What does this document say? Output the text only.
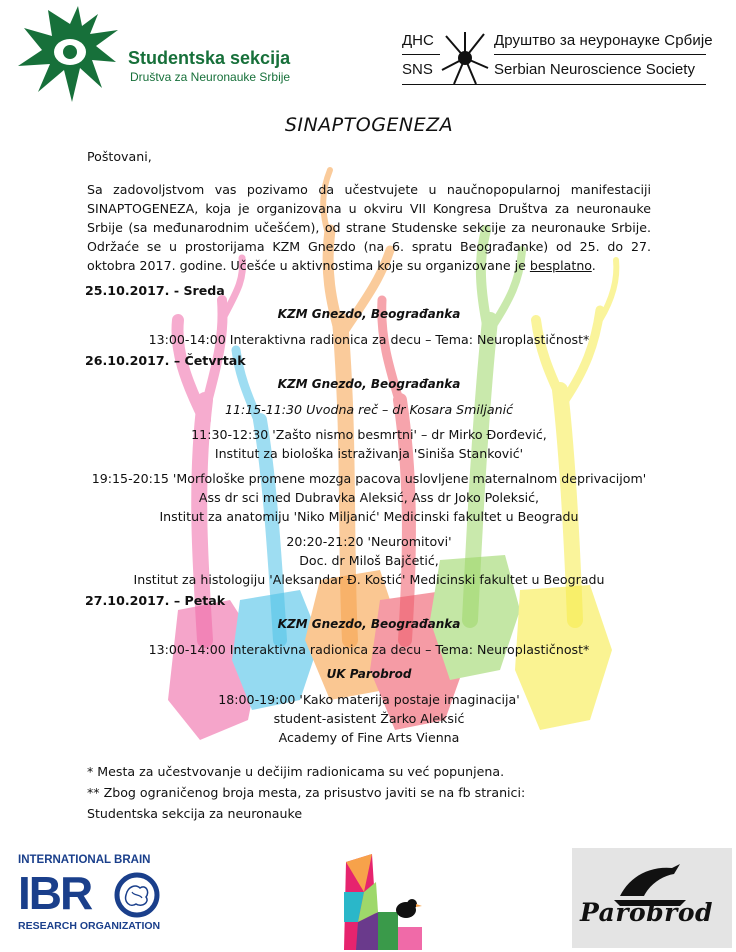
Studentska sekcija
Društva za Neuronauke Srbije
ДНС
SNS
Друштво за неуронауке Србије
Serbian Neuroscience Society
SINAPTOGENEZA
Poštovani,
Sa zadovoljstvom vas pozivamo da učestvujete u naučnopopularnoj manifestaciji SINAPTOGENEZA, koja je organizovana u okviru VII Kongresa Društva za neuronauke Srbije (sa međunarodnim učešćem), od strane Studenske sekcije za neuronauke Srbije. Održaće se u prostorijama KZM Gnezdo (na 6. spratu Beograđanke) od 25. do 27. oktobra 2017. godine. Učešće u aktivnostima koje su organizovane je besplatno.
25.10.2017. - Sreda
KZM Gnezdo, Beograđanka
13:00-14:00 Interaktivna radionica za decu – Tema: Neuroplastičnost*
26.10.2017. – Četvrtak
KZM Gnezdo, Beograđanka
11:15-11:30 Uvodna reč – dr Kosara Smiljanić
11:30-12:30 'Zašto nismo besmrtni' – dr Mirko Đorđević,
Institut za biološka istraživanja 'Siniša Stanković'
19:15-20:15 'Morfološke promene mozga pacova uslovljene maternalnom deprivacijom'
Ass dr sci med Dubravka Aleksić, Ass dr Joko Poleksić,
Institut za anatomiju 'Niko Miljanić' Medicinski fakultet u Beogradu
20:20-21:20 'Neuromitovi'
Doc. dr Miloš Bajčetić,
Institut za histologiju 'Aleksandar Đ. Kostić' Medicinski fakultet u Beogradu
27.10.2017. – Petak
KZM Gnezdo, Beograđanka
13:00-14:00 Interaktivna radionica za decu – Tema: Neuroplastičnost*
UK Parobrod
18:00-19:00 'Kako materija postaje imaginacija'
student-asistent Žarko Aleksić
Academy of Fine Arts Vienna
* Mesta za učestvovanje u dečijim radionicama su već popunjena.
** Zbog ograničenog broja mesta, za prisustvo javiti se na fb stranici:
Studentska sekcija za neuronauke
INTERNATIONAL BRAIN
IBR
RESEARCH ORGANIZATION	Parobrod
